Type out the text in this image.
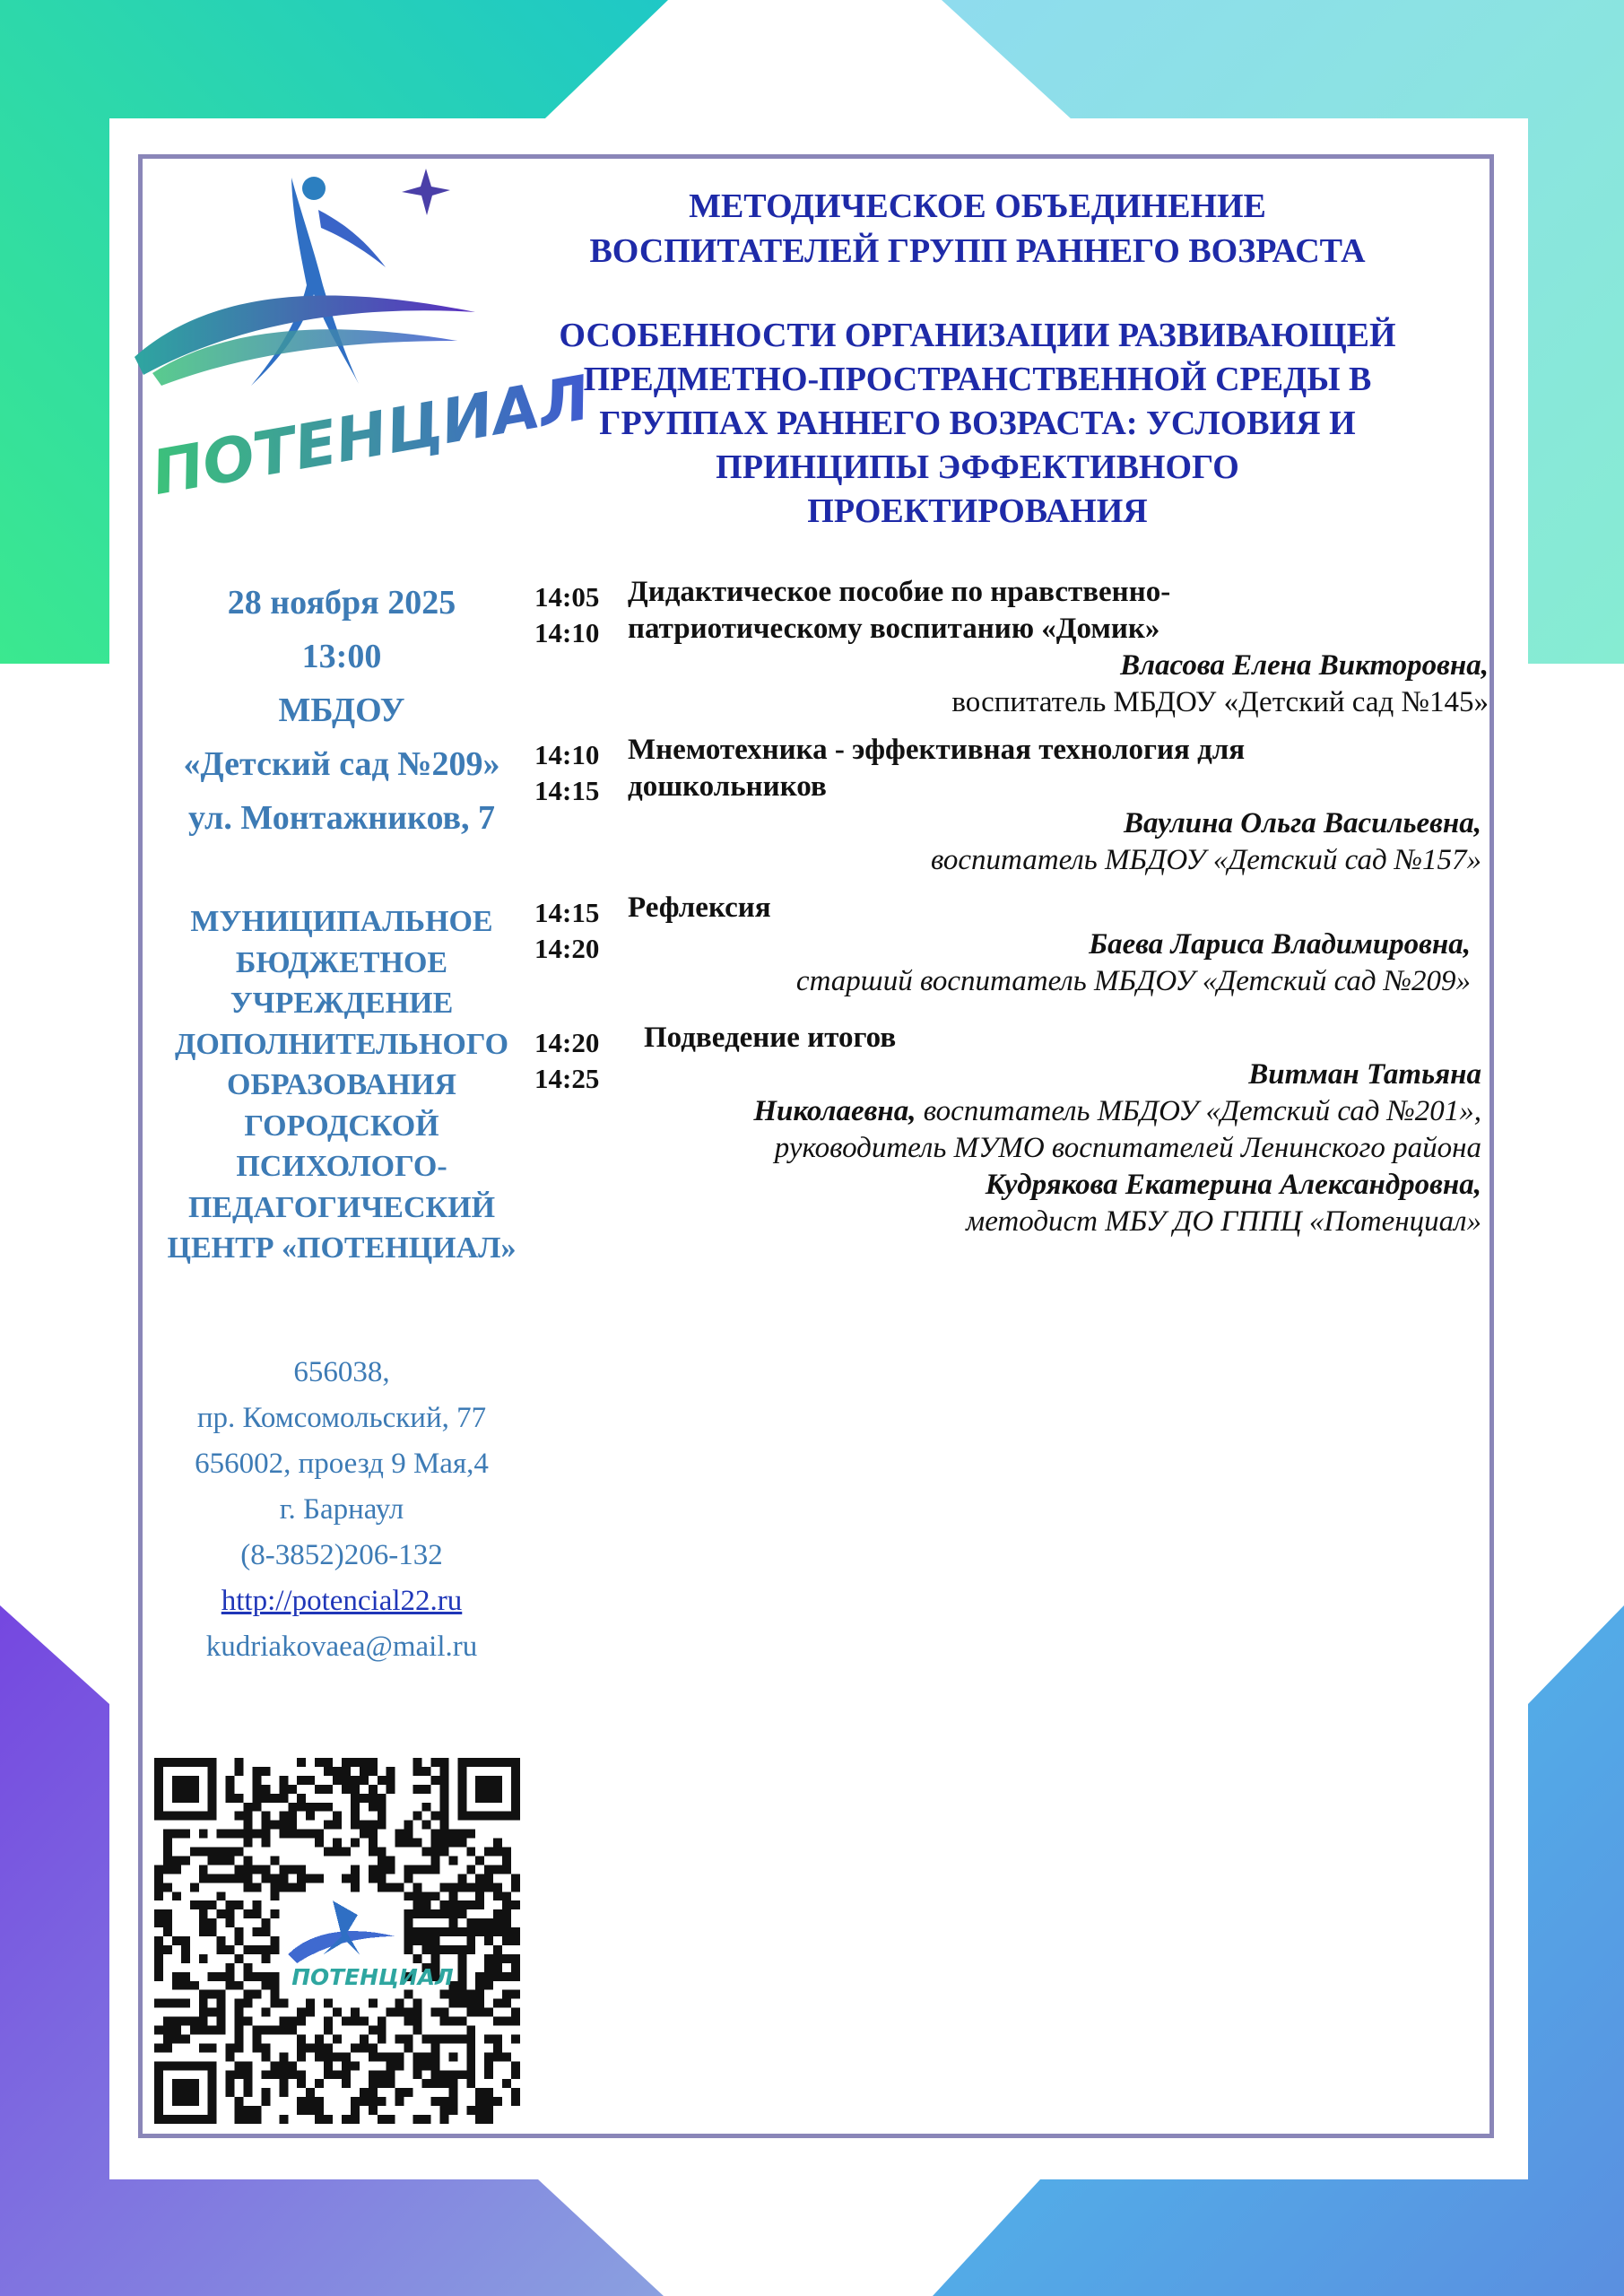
ПОТЕНЦИАЛ

МЕТОДИЧЕСКОЕ ОБЪЕДИНЕНИЕ
ВОСПИТАТЕЛЕЙ ГРУПП РАННЕГО ВОЗРАСТА

ОСОБЕННОСТИ ОРГАНИЗАЦИИ РАЗВИВАЮЩЕЙ
ПРЕДМЕТНО-ПРОСТРАНСТВЕННОЙ СРЕДЫ В
ГРУППАХ РАННЕГО ВОЗРАСТА: УСЛОВИЯ И
ПРИНЦИПЫ ЭФФЕКТИВНОГО
ПРОЕКТИРОВАНИЯ

28 ноября 2025
13:00
МБДОУ
«Детский сад №209»
ул. Монтажников, 7
МУНИЦИПАЛЬНОЕ
БЮДЖЕТНОЕ
УЧРЕЖДЕНИЕ
ДОПОЛНИТЕЛЬНОГО
ОБРАЗОВАНИЯ
ГОРОДСКОЙ
ПСИХОЛОГО-
ПЕДАГОГИЧЕСКИЙ
ЦЕНТР «ПОТЕНЦИАЛ»
656038,
пр. Комсомольский, 77
656002, проезд 9 Мая,4
г. Барнаул
(8-3852)206-132
http://potencial22.ru
kudriakovaea@mail.ru
ПОТЕНЦИАЛ
14:05
14:10
Дидактическое пособие по нравственно-
патриотическому воспитанию «Домик»
Власова Елена Викторовна,
воспитатель МБДОУ «Детский сад №145»
14:10
14:15
Мнемотехника - эффективная технология для
дошкольников
Ваулина Ольга Васильевна,
воспитатель МБДОУ «Детский сад №157»
14:15
14:20
Рефлексия
Баева Лариса Владимировна,
старший воспитатель МБДОУ «Детский сад №209»
14:20
14:25
Подведение итогов
Витман Татьяна
Николаевна, воспитатель МБДОУ «Детский сад №201»,
руководитель МУМО воспитателей Ленинского района
Кудрякова Екатерина Александровна,
методист МБУ ДО ГППЦ «Потенциал»
